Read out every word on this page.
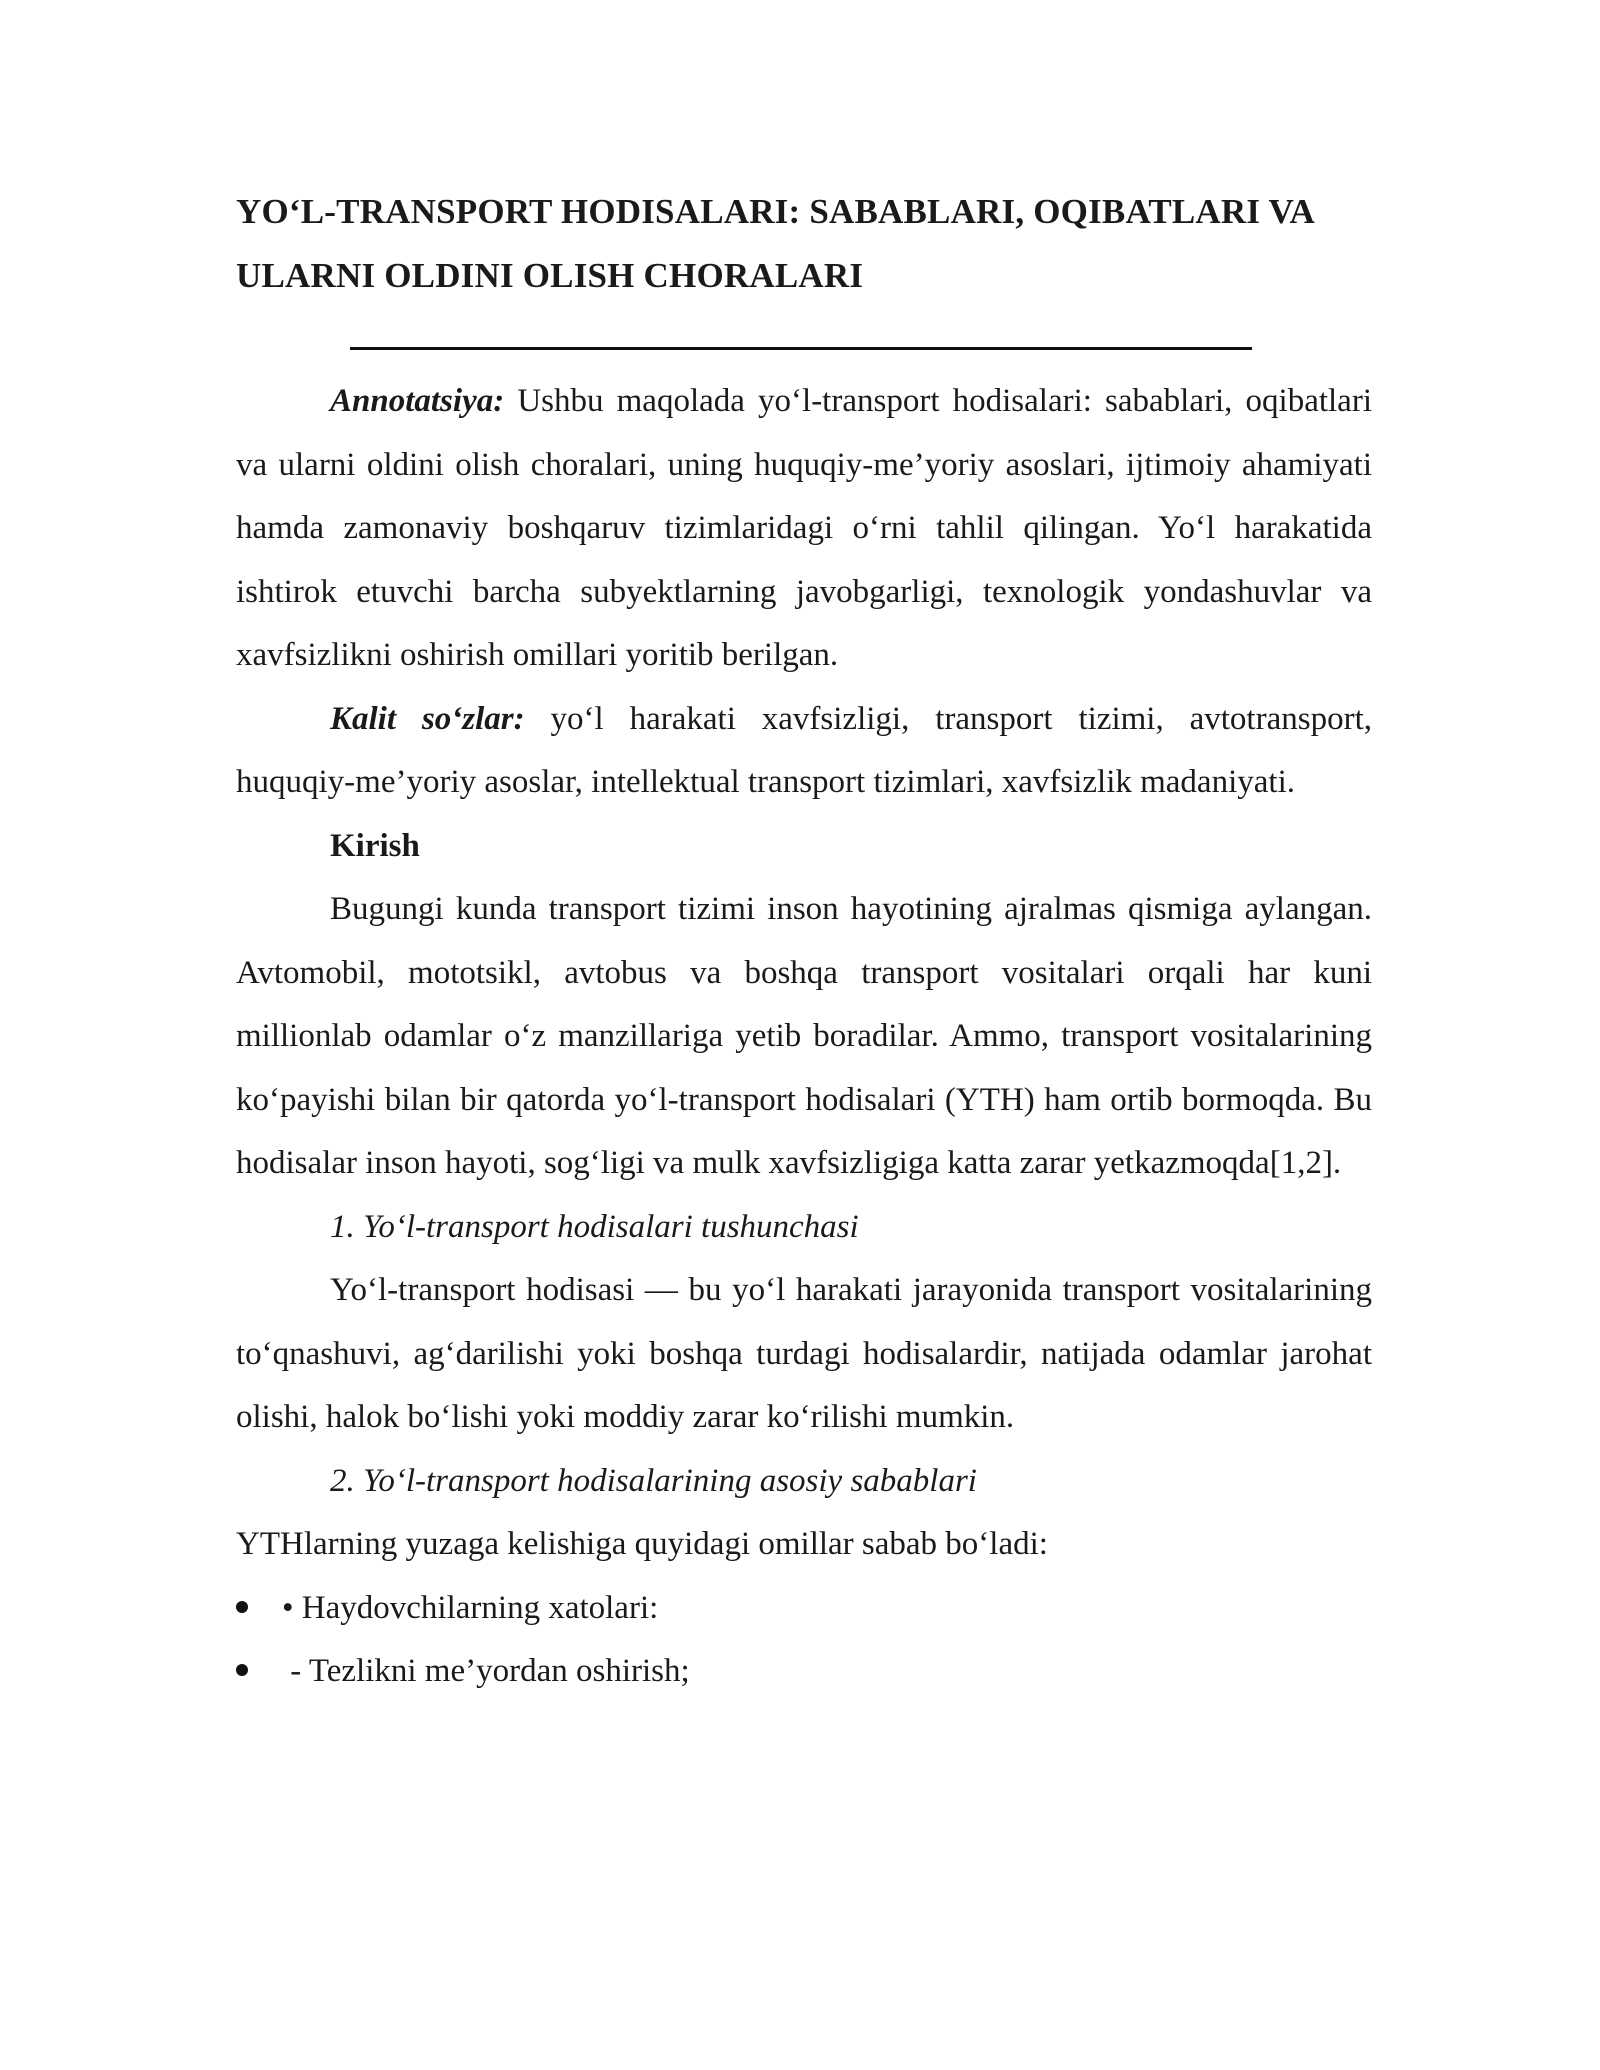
YO‘L-TRANSPORT HODISALARI: SABABLARI, OQIBATLARI VA
ULARNI OLDINI OLISH CHORALARI

Annotatsiya: Ushbu maqolada yo‘l-transport hodisalari: sabablari, oqibatlari va ularni oldini olish choralari, uning huquqiy-me’yoriy asoslari, ijtimoiy ahamiyati hamda zamonaviy boshqaruv tizimlaridagi o‘rni tahlil qilingan. Yo‘l harakatida ishtirok etuvchi barcha subyektlarning javobgarligi, texnologik yondashuvlar va xavfsizlikni oshirish omillari yoritib berilgan.

Kalit so‘zlar: yo‘l harakati xavfsizligi, transport tizimi, avtotransport, huquqiy-me’yoriy asoslar, intellektual transport tizimlari, xavfsizlik madaniyati.

Kirish

Bugungi kunda transport tizimi inson hayotining ajralmas qismiga aylangan. Avtomobil, mototsikl, avtobus va boshqa transport vositalari orqali har kuni millionlab odamlar o‘z manzillariga yetib boradilar. Ammo, transport vositalarining ko‘payishi bilan bir qatorda yo‘l-transport hodisalari (YTH) ham ortib bormoqda. Bu hodisalar inson hayoti, sog‘ligi va mulk xavfsizligiga katta zarar yetkazmoqda[1,2].

1. Yo‘l-transport hodisalari tushunchasi

Yo‘l-transport hodisasi — bu yo‘l harakati jarayonida transport vositalarining to‘qnashuvi, ag‘darilishi yoki boshqa turdagi hodisalardir, natijada odamlar jarohat olishi, halok bo‘lishi yoki moddiy zarar ko‘rilishi mumkin.

2. Yo‘l-transport hodisalarining asosiy sabablari

YTHlarning yuzaga kelishiga quyidagi omillar sabab bo‘ladi:

• Haydovchilarning xatolari:

- Tezlikni me’yordan oshirish;
